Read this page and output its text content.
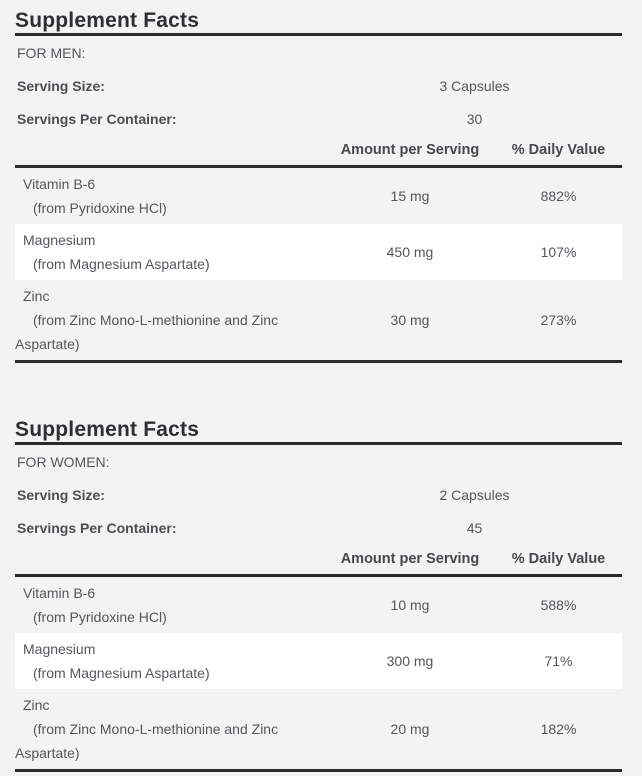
Supplement Facts
FOR MEN:
Serving Size:	3 Capsules
Servings Per Container:	30
Amount per Serving	% Daily Value
Vitamin B-6
(from Pyridoxine HCl)
15 mg	882%
Magnesium
(from Magnesium Aspartate)
450 mg	107%
Zinc
(from Zinc Mono-L-methionine and Zinc Aspartate)
30 mg	273%
Supplement Facts
FOR WOMEN:
Serving Size:	2 Capsules
Servings Per Container:	45
Amount per Serving	% Daily Value
Vitamin B-6
(from Pyridoxine HCl)
10 mg	588%
Magnesium
(from Magnesium Aspartate)
300 mg	71%
Zinc
(from Zinc Mono-L-methionine and Zinc Aspartate)
20 mg	182%
